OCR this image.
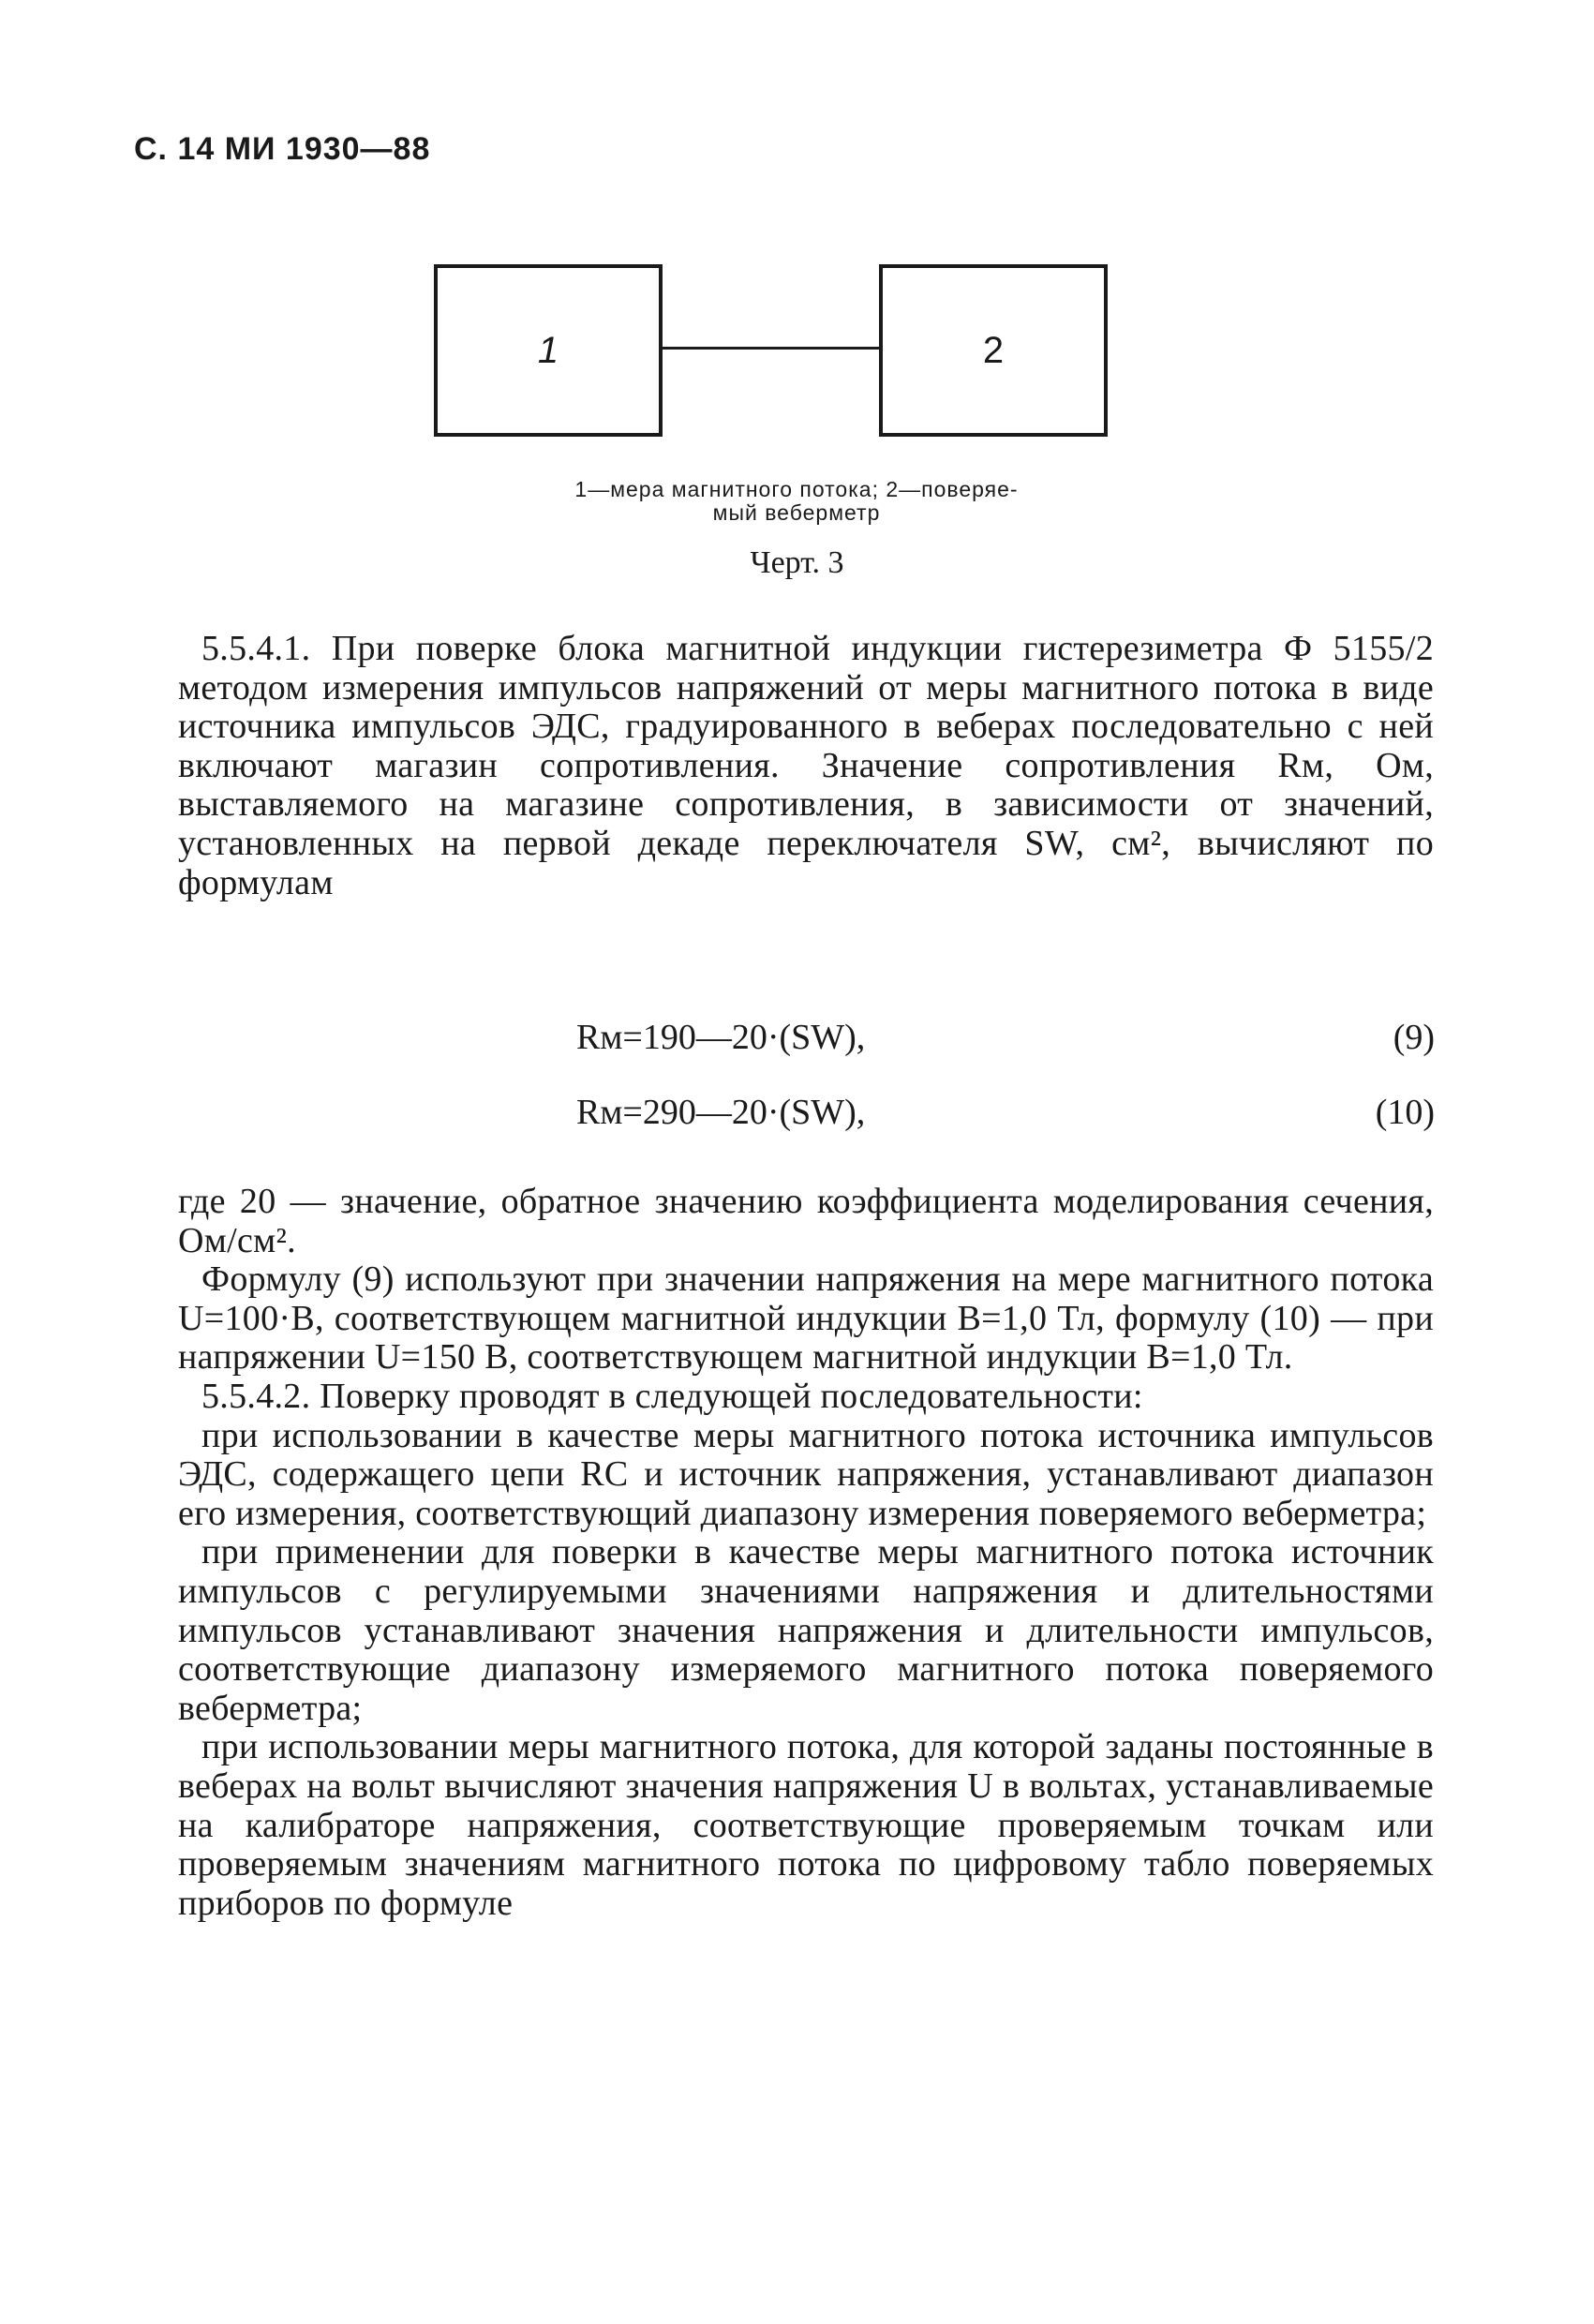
С. 14 МИ 1930—88
1	2
1—мера магнитного потока; 2—поверяе-
мый веберметр
Черт. 3

5.5.4.1. При поверке блока магнитной индукции гистерезиметра Ф 5155/2 методом измерения импульсов напряжений от меры магнитного потока в виде источника импульсов ЭДС, градуированного в веберах последовательно с ней включают магазин сопротивления. Значение сопротивления Rм, Ом, выставляемого на магазине сопротивления, в зависимости от значений, установленных на первой декаде переключателя SW, см², вычисляют по формулам

Rм=190—20·(SW),	(9)
Rм=290—20·(SW),	(10)

где 20 — значение, обратное значению коэффициента моделирования сечения, Ом/см².

Формулу (9) используют при значении напряжения на мере магнитного потока U=100·В, соответствующем магнитной индукции В=1,0 Тл, формулу (10) — при напряжении U=150 В, соответствующем магнитной индукции В=1,0 Тл.

5.5.4.2. Поверку проводят в следующей последовательности:

при использовании в качестве меры магнитного потока источника импульсов ЭДС, содержащего цепи RC и источник напряжения, устанавливают диапазон его измерения, соответствующий диапазону измерения поверяемого веберметра;

при применении для поверки в качестве меры магнитного потока источник импульсов с регулируемыми значениями напряжения и длительностями импульсов устанавливают значения напряжения и длительности импульсов, соответствующие диапазону измеряемого магнитного потока поверяемого веберметра;

при использовании меры магнитного потока, для которой заданы постоянные в веберах на вольт вычисляют значения напряжения U в вольтах, устанавливаемые на калибраторе напряжения, соответствующие проверяемым точкам или проверяемым значениям магнитного потока по цифровому табло поверяемых приборов по формуле
